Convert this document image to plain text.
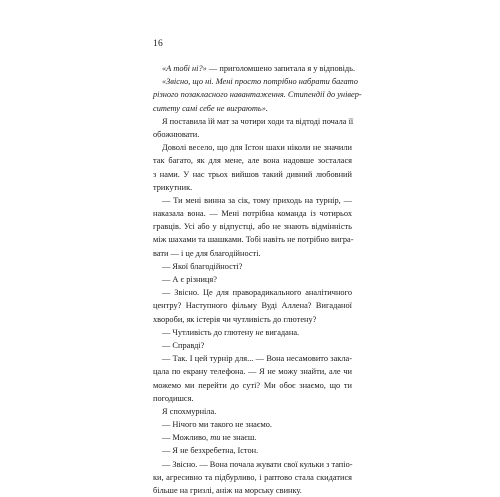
16
«А тобі ні?» — приголомшено запитала я у відповідь.
«Звісно, що ні. Мені просто потрібно набрати багато
різного позакласного навантаження. Стипендії до універ-
ситету самі себе не виграють».
Я поставила їй мат за чотири ходи та відтоді почала її
обожнювати.
Доволі весело, що для Істон шахи ніколи не значили
так багато, як для мене, але вона надовше зосталася
з нами. У нас трьох вийшов такий дивний любовний
трикутник.
— Ти мені винна за сік, тому приходь на турнір, —
наказала вона. — Мені потрібна команда із чотирьох
гравців. Усі або у відпустці, або не знають відмінність
між шахами та шашками. Тобі навіть не потрібно вигра-
вати — і це для благодійності.
— Якої благодійності?
— А є різниця?
— Звісно. Це для праворадикального аналітичного
центру? Наступного фільму Вуді Аллена? Вигаданої
хвороби, як істерія чи чутливість до глютену?
— Чутливість до глютену не вигадана.
— Справді?
— Так. І цей турнір для... — Вона несамовито закла-
цала по екрану телефона. — Я не можу знайти, але чи
можемо ми перейти до суті? Ми обоє знаємо, що ти
погодишся.
Я спохмурніла.
— Нічого ми такого не знаємо.
— Можливо, ти не знаєш.
— Я не безхребетна, Істон.
— Звісно. — Вона почала жувати свої кульки з тапіо-
ки, агресивно та підбурливо, і раптово стала скидатися
більше на гризлі, аніж на морську свинку.
